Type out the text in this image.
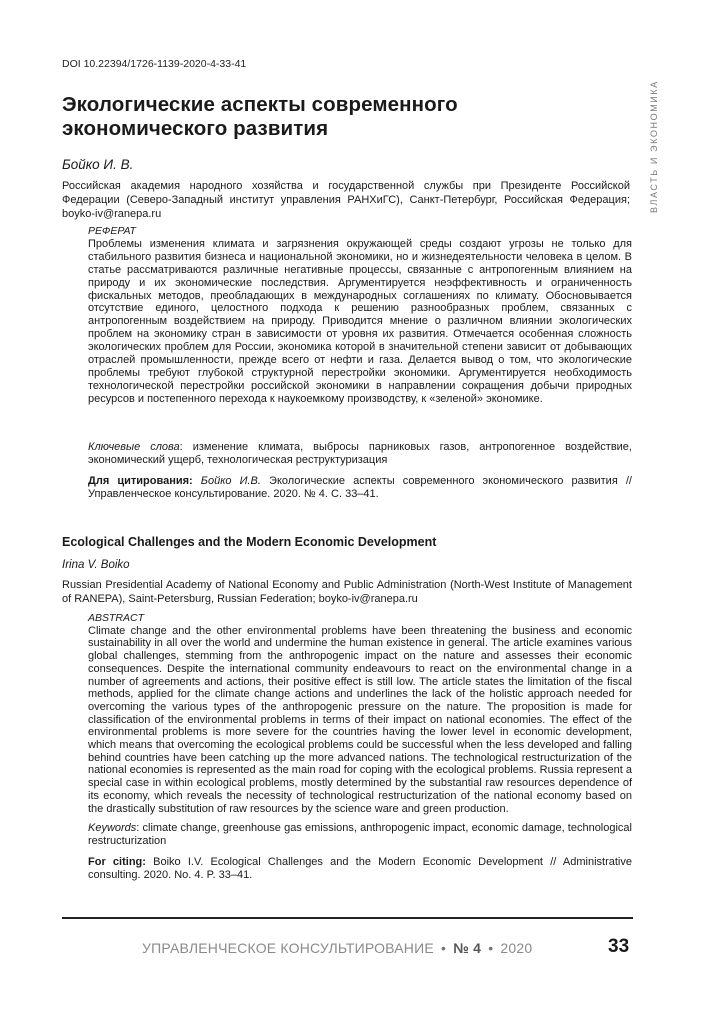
ВЛАСТЬ И ЭКОНОМИКА
DOI 10.22394/1726-1139-2020-4-33-41
Экологические аспекты современного экономического развития
Бойко И. В.
Российская академия народного хозяйства и государственной службы при Президенте Российской Федерации (Северо-Западный институт управления РАНХиГС), Санкт-Петербург, Российская Федерация; boyko-iv@ranepa.ru
РЕФЕРАТ

Проблемы изменения климата и загрязнения окружающей среды создают угрозы не только для стабильного развития бизнеса и национальной экономики, но и жизнедеятельности человека в целом. В статье рассматриваются различные негативные процессы, связанные с антропогенным влиянием на природу и их экономические последствия. Аргументируется неэффективность и ограниченность фискальных методов, преобладающих в международных соглашениях по климату. Обосновывается отсутствие единого, целостного подхода к решению разнообразных проблем, связанных с антропогенным воздействием на природу. Приводится мнение о различном влиянии экологических проблем на экономику стран в зависимости от уровня их развития. Отмечается особенная сложность экологических проблем для России, экономика которой в значительной степени зависит от добывающих отраслей промышленности, прежде всего от нефти и газа. Делается вывод о том, что экологические проблемы требуют глубокой структурной перестройки экономики. Аргументируется необходимость технологической перестройки российской экономики в направлении сокращения добычи природных ресурсов и постепенного перехода к наукоемкому производству, к «зеленой» экономике.

Ключевые слова: изменение климата, выбросы парниковых газов, антропогенное воздействие, экономический ущерб, технологическая реструктуризация

Для цитирования: Бойко И.В. Экологические аспекты современного экономического развития // Управленческое консультирование. 2020. № 4. С. 33–41.

Ecological Challenges and the Modern Economic Development
Irina V. Boiko
Russian Presidential Academy of National Economy and Public Administration (North-West Institute of Management of RANEPA), Saint-Petersburg, Russian Federation; boyko-iv@ranepa.ru
ABSTRACT

Climate change and the other environmental problems have been threatening the business and economic sustainability in all over the world and undermine the human existence in general. The article examines various global challenges, stemming from the anthropogenic impact on the nature and assesses their economic consequences. Despite the international community endeavours to react on the environmental change in a number of agreements and actions, their positive effect is still low. The article states the limitation of the fiscal methods, applied for the climate change actions and underlines the lack of the holistic approach needed for overcoming the various types of the anthropogenic pressure on the nature. The proposition is made for classification of the environmental problems in terms of their impact on national economies. The effect of the environmental problems is more severe for the countries having the lower level in economic development, which means that overcoming the ecological problems could be successful when the less developed and falling behind countries have been catching up the more advanced nations. The technological restructurization of the national economies is represented as the main road for coping with the ecological problems. Russia represent a special case in within ecological problems, mostly determined by the substantial raw resources dependence of its economy, which reveals the necessity of technological restructurization of the national economy based on the drastically substitution of raw resources by the science ware and green production.

Keywords: climate change, greenhouse gas emissions, anthropogenic impact, economic damage, technological restructurization

For citing: Boiko I.V. Ecological Challenges and the Modern Economic Development // Administrative consulting. 2020. No. 4. P. 33–41.

УПРАВЛЕНЧЕСКОЕ КОНСУЛЬТИРОВАНИЕ • № 4 • 2020	33
